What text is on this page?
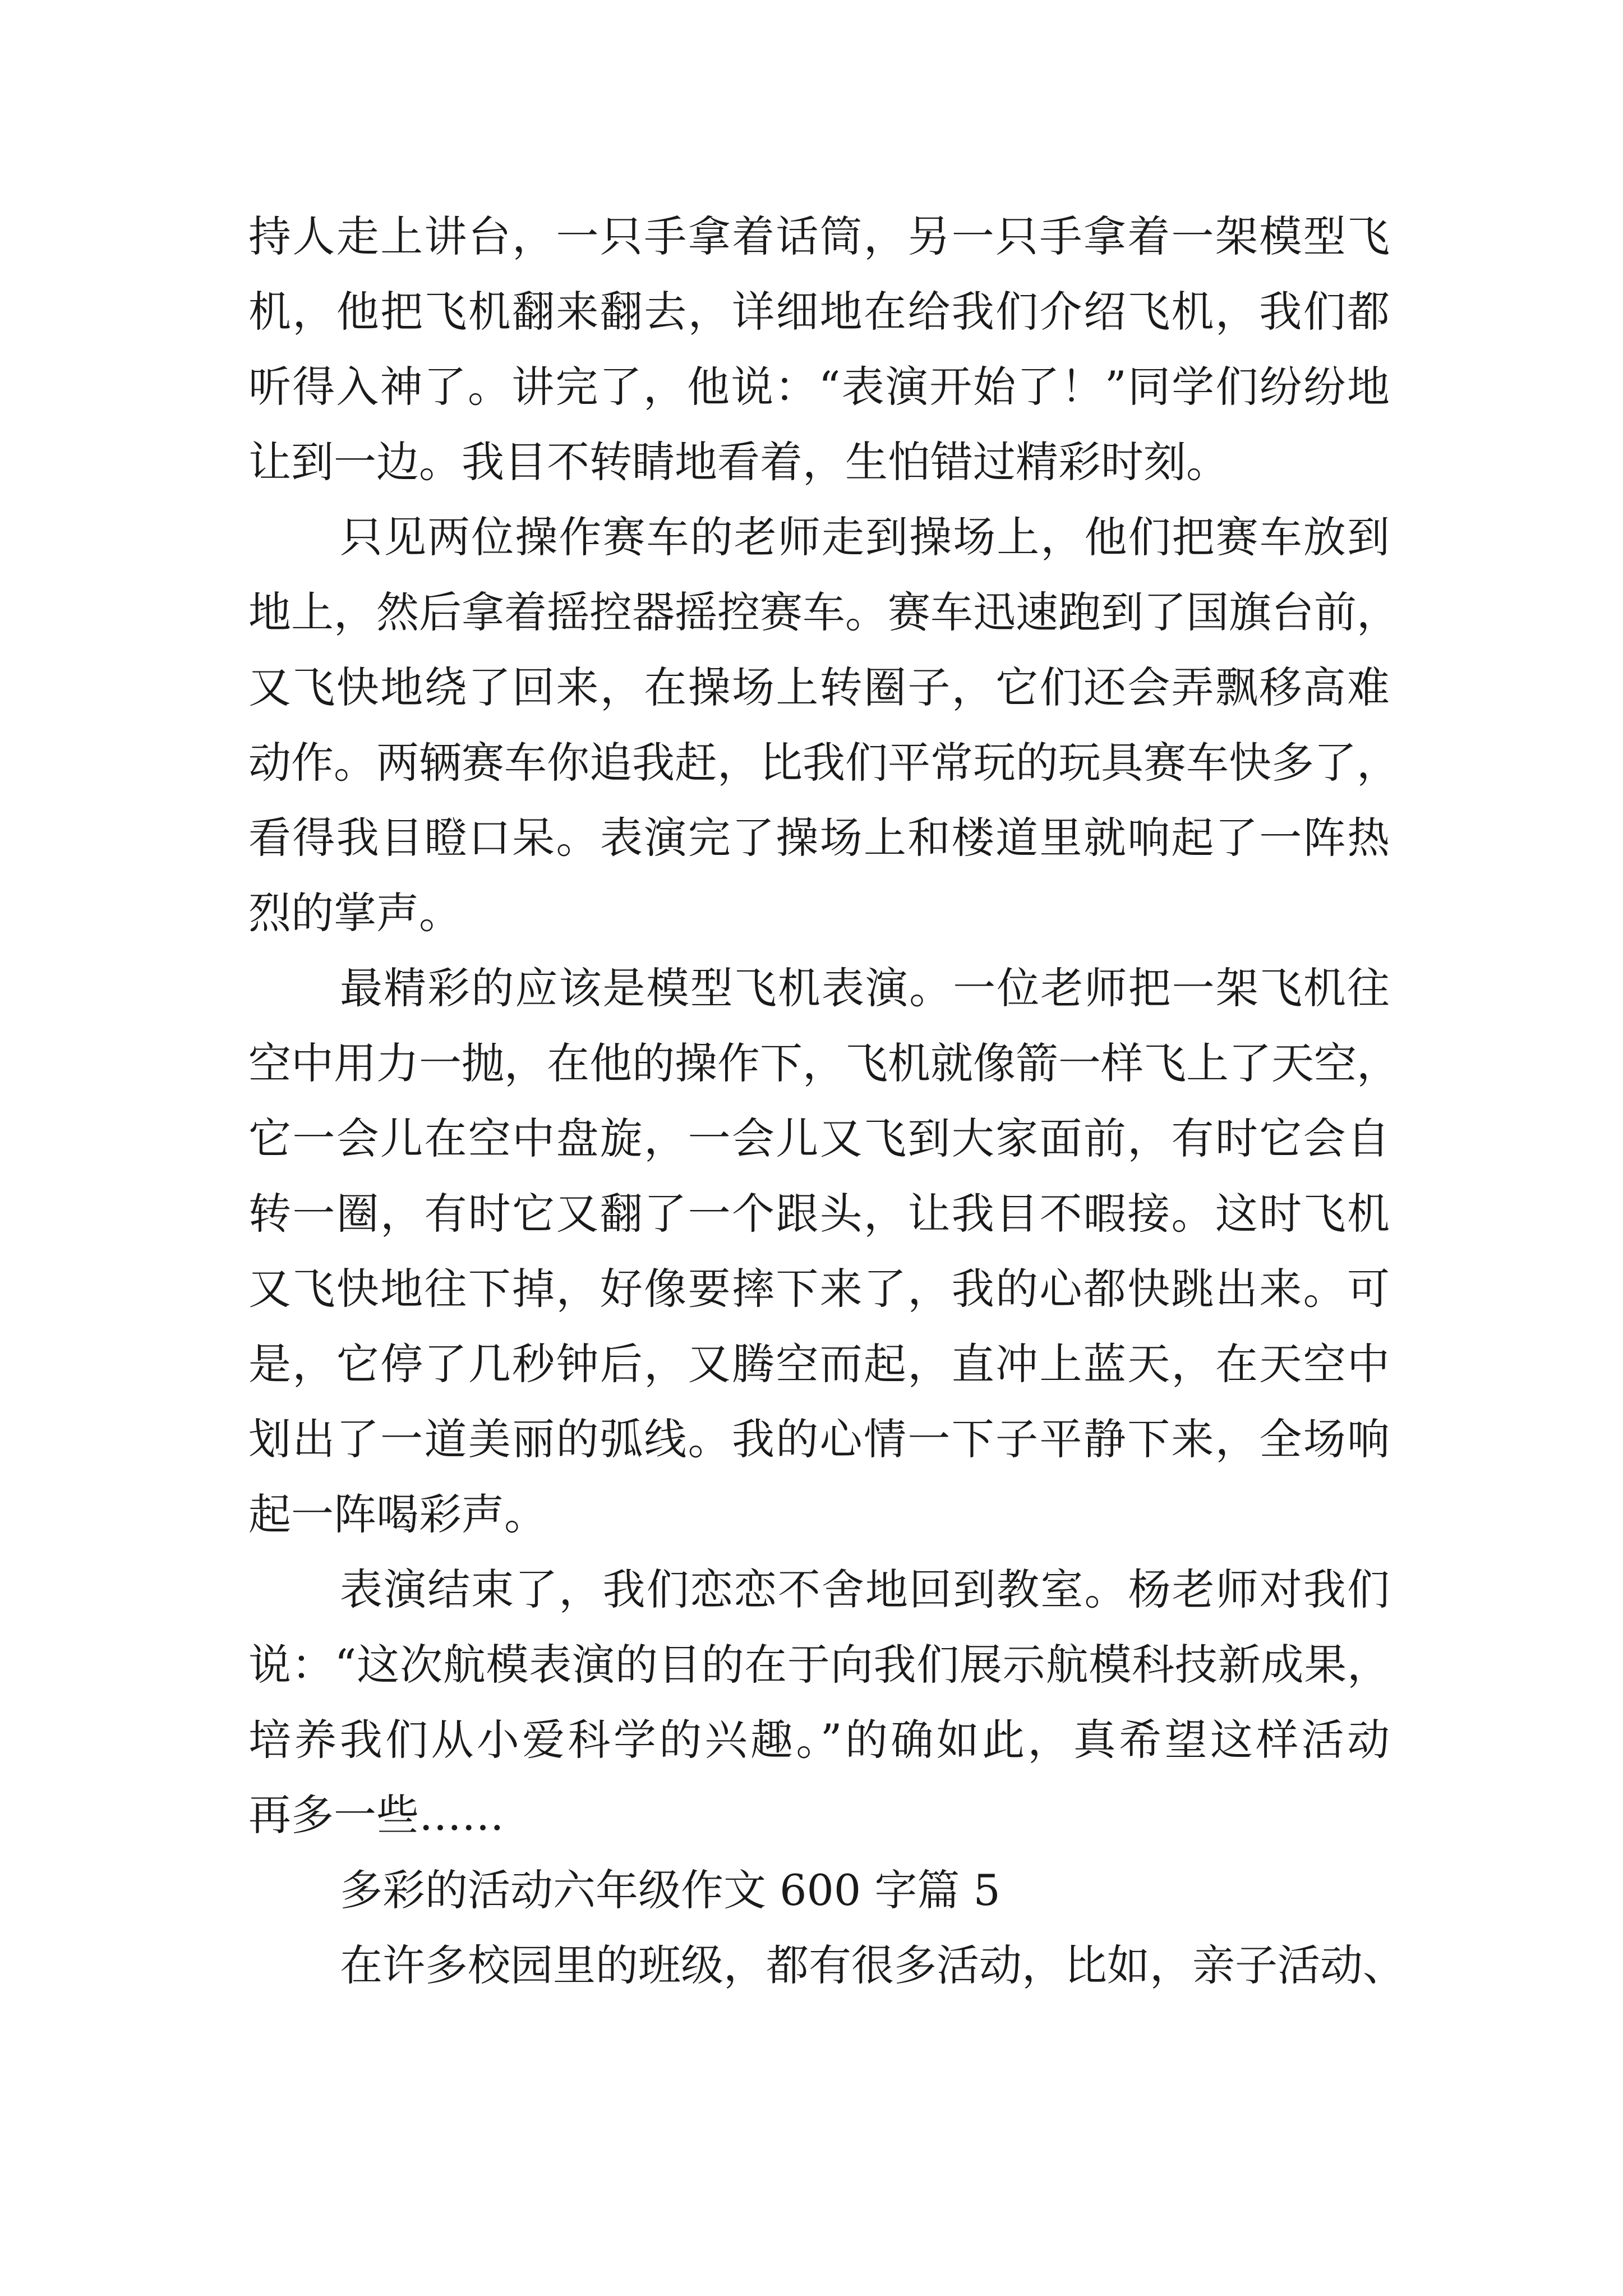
持人走上讲台，一只手拿着话筒，另一只手拿着一架模型飞
机，他把飞机翻来翻去，详细地在给我们介绍飞机，我们都
听得入神了。讲完了，他说：“表演开始了！”同学们纷纷地
让到一边。我目不转睛地看着，生怕错过精彩时刻。
只见两位操作赛车的老师走到操场上，他们把赛车放到
地上，然后拿着摇控器摇控赛车。赛车迅速跑到了国旗台前，
又飞快地绕了回来，在操场上转圈子，它们还会弄飘移高难
动作。两辆赛车你追我赶，比我们平常玩的玩具赛车快多了，
看得我目瞪口呆。表演完了操场上和楼道里就响起了一阵热
烈的掌声。
最精彩的应该是模型飞机表演。一位老师把一架飞机往
空中用力一抛，在他的操作下，飞机就像箭一样飞上了天空，
它一会儿在空中盘旋，一会儿又飞到大家面前，有时它会自
转一圈，有时它又翻了一个跟头，让我目不暇接。这时飞机
又飞快地往下掉，好像要摔下来了，我的心都快跳出来。可
是，它停了几秒钟后，又腾空而起，直冲上蓝天，在天空中
划出了一道美丽的弧线。我的心情一下子平静下来，全场响
起一阵喝彩声。
表演结束了，我们恋恋不舍地回到教室。杨老师对我们
说：“这次航模表演的目的在于向我们展示航模科技新成果，
培养我们从小爱科学的兴趣。”的确如此，真希望这样活动
再多一些……
多彩的活动六年级作文 600 字篇 5
在许多校园里的班级，都有很多活动，比如，亲子活动、
